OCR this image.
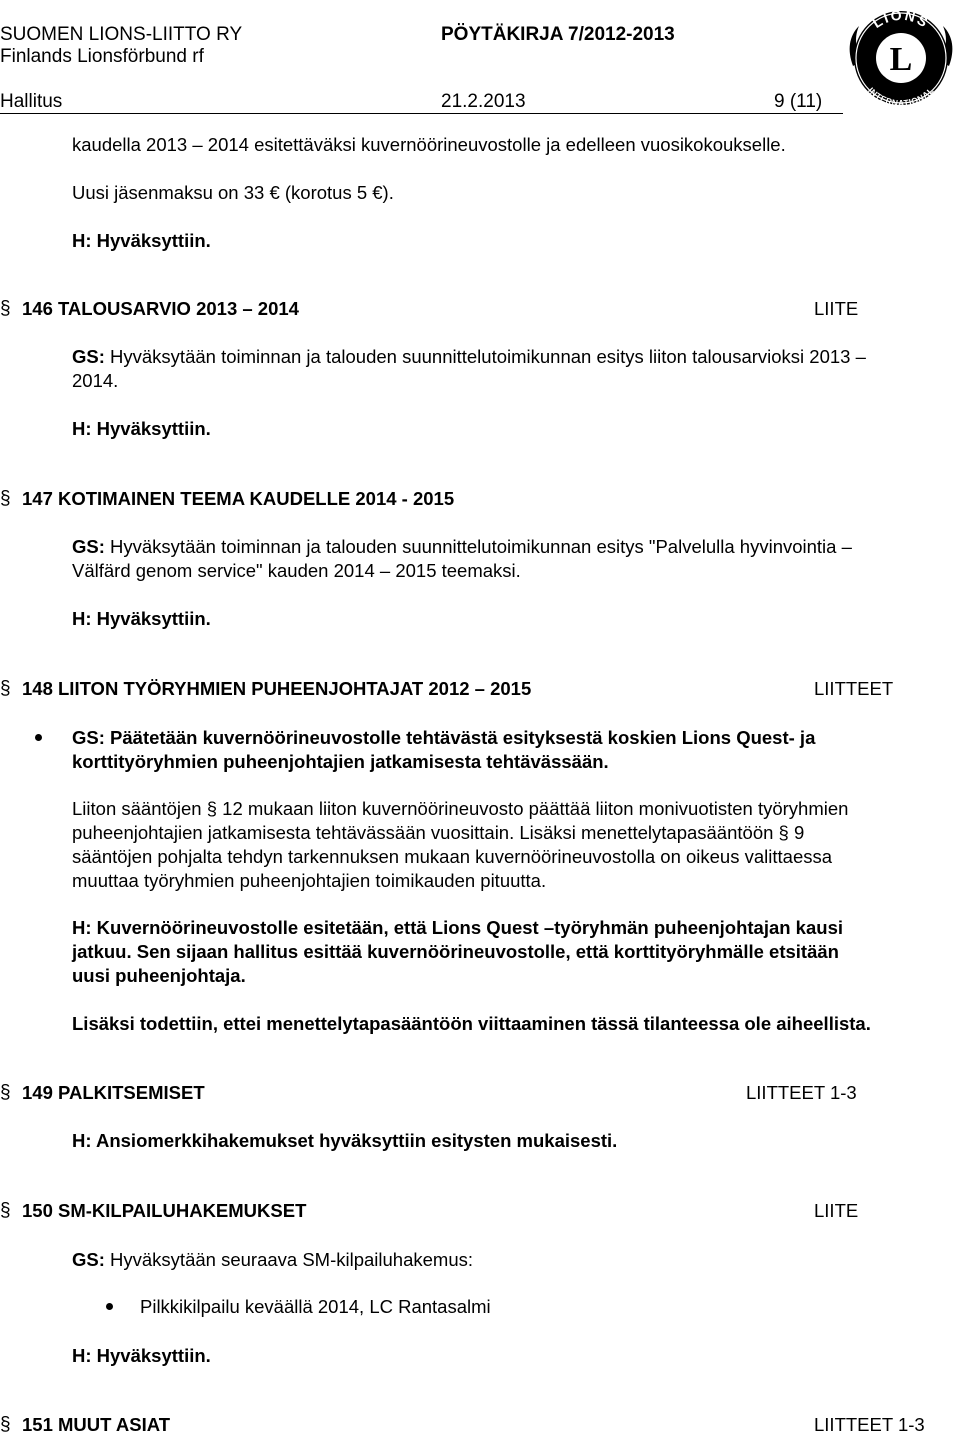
SUOMEN LIONS-LIITTO RY
Finlands Lionsförbund rf
PÖYTÄKIRJA 7/2012-2013
Hallitus	21.2.2013	9 (11)
LIONS
INTERNATIONAL
L
kaudella 2013 – 2014 esitettäväksi kuvernöörineuvostolle ja edelleen vuosikokoukselle.
Uusi jäsenmaksu on 33 € (korotus 5 €).
H: Hyväksyttiin.
§ 146 TALOUSARVIO 2013 – 2014	LIITE
GS: Hyväksytään toiminnan ja talouden suunnittelutoimikunnan esitys liiton talousarvioksi 2013 –
2014.
H: Hyväksyttiin.
§ 147 KOTIMAINEN TEEMA KAUDELLE 2014 - 2015
GS: Hyväksytään toiminnan ja talouden suunnittelutoimikunnan esitys "Palvelulla hyvinvointia –
Välfärd genom service" kauden 2014 – 2015 teemaksi.
H: Hyväksyttiin.
§ 148 LIITON TYÖRYHMIEN PUHEENJOHTAJAT 2012 – 2015	LIITTEET
GS: Päätetään kuvernöörineuvostolle tehtävästä esityksestä koskien Lions Quest- ja
korttityöryhmien puheenjohtajien jatkamisesta tehtävässään.
Liiton sääntöjen § 12 mukaan liiton kuvernöörineuvosto päättää liiton monivuotisten työryhmien
puheenjohtajien jatkamisesta tehtävässään vuosittain. Lisäksi menettelytapasääntöön § 9
sääntöjen pohjalta tehdyn tarkennuksen mukaan kuvernöörineuvostolla on oikeus valittaessa
muuttaa työryhmien puheenjohtajien toimikauden pituutta.
H: Kuvernöörineuvostolle esitetään, että Lions Quest –työryhmän puheenjohtajan kausi
jatkuu. Sen sijaan hallitus esittää kuvernöörineuvostolle, että korttityöryhmälle etsitään
uusi puheenjohtaja.
Lisäksi todettiin, ettei menettelytapasääntöön viittaaminen tässä tilanteessa ole aiheellista.
§ 149 PALKITSEMISET	LIITTEET 1-3
H: Ansiomerkkihakemukset hyväksyttiin esitysten mukaisesti.
§ 150 SM-KILPAILUHAKEMUKSET	LIITE
GS: Hyväksytään seuraava SM-kilpailuhakemus:
Pilkkikilpailu keväällä 2014, LC Rantasalmi
H: Hyväksyttiin.
§ 151 MUUT ASIAT	LIITTEET 1-3
